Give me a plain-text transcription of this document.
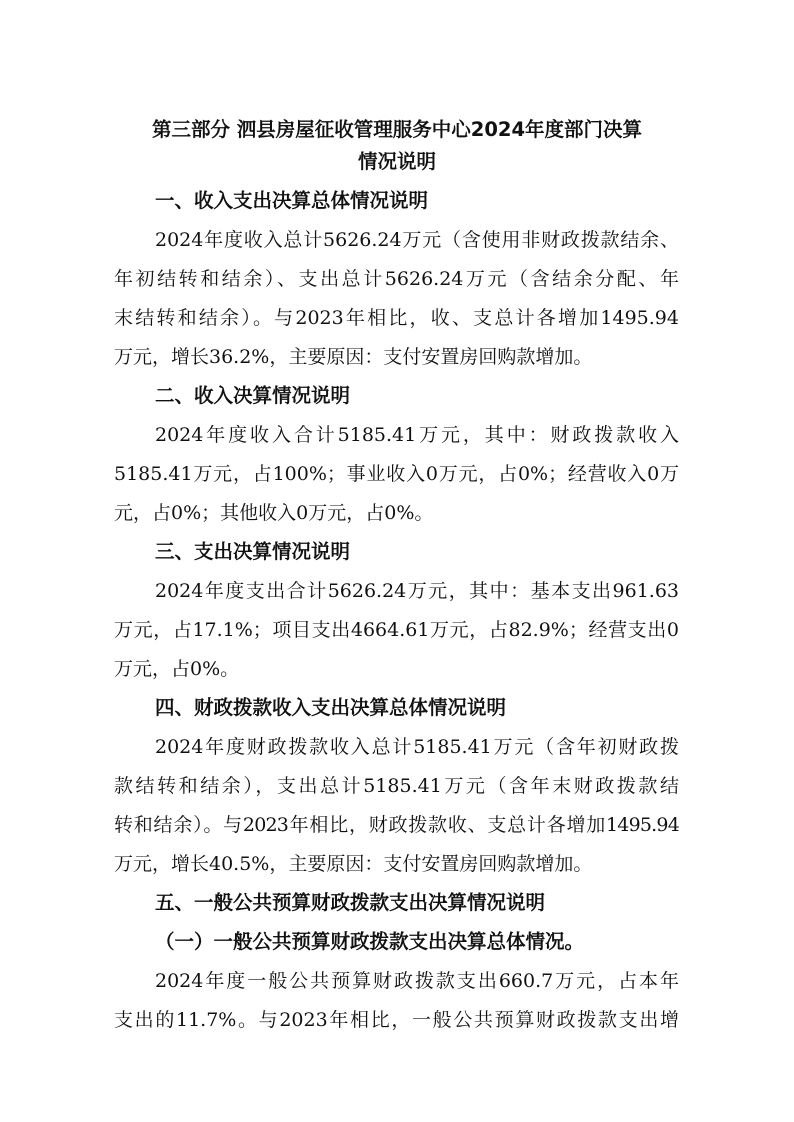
第三部分 泗县房屋征收管理服务中心2024年度部门决算
情况说明
一、收入支出决算总体情况说明

2024年度收入总计5626.24万元（含使用非财政拨款结余、

年初结转和结余）、支出总计5626.24万元（含结余分配、年

末结转和结余）。与2023年相比，收、支总计各增加1495.94

万元，增长36.2%，主要原因：支付安置房回购款增加。

二、收入决算情况说明

2024年度收入合计5185.41万元，其中：财政拨款收入

5185.41万元，占100%；事业收入0万元，占0%；经营收入0万

元，占0%；其他收入0万元，占0%。

三、支出决算情况说明

2024年度支出合计5626.24万元，其中：基本支出961.63

万元，占17.1%；项目支出4664.61万元，占82.9%；经营支出0

万元，占0%。

四、财政拨款收入支出决算总体情况说明

2024年度财政拨款收入总计5185.41万元（含年初财政拨

款结转和结余），支出总计5185.41万元（含年末财政拨款结

转和结余）。与2023年相比，财政拨款收、支总计各增加1495.94

万元，增长40.5%，主要原因：支付安置房回购款增加。

五、一般公共预算财政拨款支出决算情况说明
（一）一般公共预算财政拨款支出决算总体情况。

2024年度一般公共预算财政拨款支出660.7万元，占本年

支出的11.7%。与2023年相比，一般公共预算财政拨款支出增
